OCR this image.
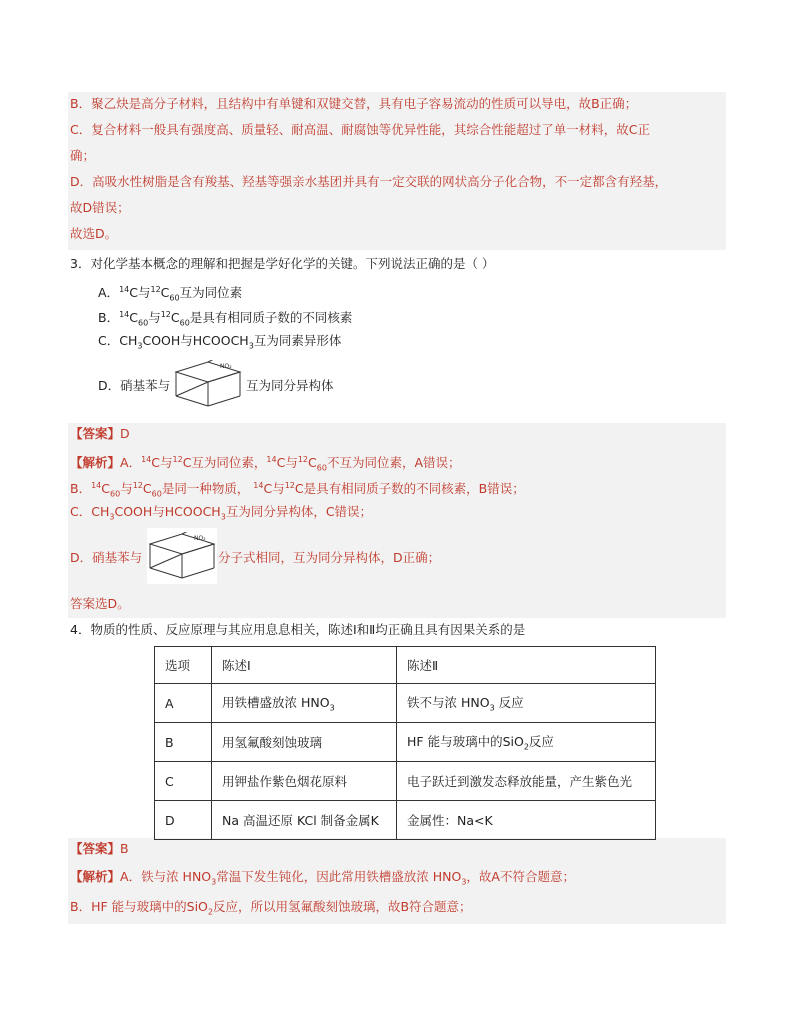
B．聚乙炔是高分子材料，且结构中有单键和双键交替，具有电子容易流动的性质可以导电，故B正确；
C．复合材料一般具有强度高、质量轻、耐高温、耐腐蚀等优异性能，其综合性能超过了单一材料，故C正
确；
D．高吸水性树脂是含有羧基、羟基等强亲水基团并具有一定交联的网状高分子化合物，不一定都含有羟基，
故D错误；
故选D。
3．对化学基本概念的理解和把握是学好化学的关键。下列说法正确的是（ ）
A．$^{14}$C与$^{12}C_{60}$互为同位素
B．$^{14}C_{60}$与$^{12}C_{60}$是具有相同质子数的不同核素
C．$CH_3COOH$与$HCOOCH_3$互为同素异形体
D．硝基苯与
NO₂
互为同分异构体
【答案】D
【解析】A．$^{14}$C与$^{12}$C互为同位素，$^{14}$C与$^{12}C_{60}$不互为同位素，A错误；
B．$^{14}C_{60}$与$^{12}C_{60}$是同一种物质， $^{14}$C与$^{12}$C是具有相同质子数的不同核素，B错误；
C．$CH_3COOH$与$HCOOCH_3$互为同分异构体，C错误；
D．硝基苯与
NO₂
分子式相同，互为同分异构体，D正确；
答案选D。
4．物质的性质、反应原理与其应用息息相关，陈述Ⅰ和Ⅱ均正确且具有因果关系的是
选项	陈述Ⅰ	陈述Ⅱ
A	用铁槽盛放浓 $HNO_3$	铁不与浓 $HNO_3$ 反应
B	用氢氟酸刻蚀玻璃	HF 能与玻璃中的SiO$_2$反应
C	用钾盐作紫色烟花原料	电子跃迁到激发态释放能量，产生紫色光
D	Na 高温还原 KCl 制备金属K	金属性：Na<K
【答案】B
【解析】A．铁与浓 $HNO_3$常温下发生钝化，因此常用铁槽盛放浓 $HNO_3$，故A不符合题意；
B．HF 能与玻璃中的SiO$_2$反应，所以用氢氟酸刻蚀玻璃，故B符合题意；
